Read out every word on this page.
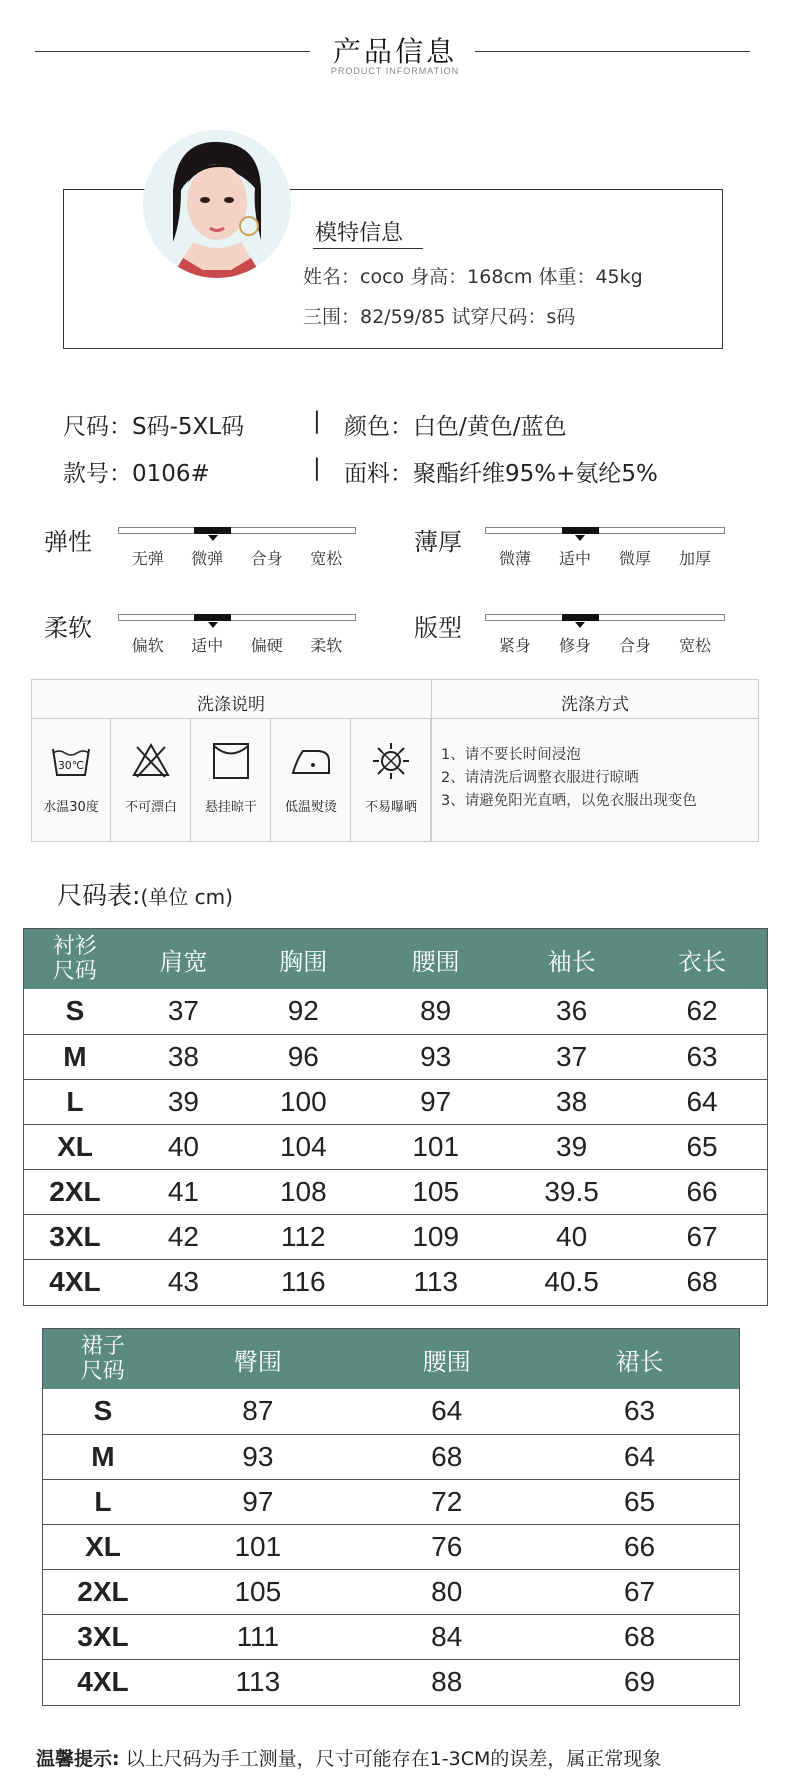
产品信息
PRODUCT INFORMATION
模特信息
姓名：coco 身高：168cm 体重：45kg
三围：82/59/85 试穿尺码：s码
尺码：S码-5XL码	| 颜色：白色/黄色/蓝色
款号：0106#	| 面料：聚酯纤维95%+氨纶5%
弹性
无弹	微弹	合身	宽松
薄厚
微薄	适中	微厚	加厚
柔软
偏软	适中	偏硬	柔软
版型
紧身	修身	合身	宽松
洗涤说明	洗涤方式
30℃
水温30度	不可漂白	悬挂晾干	低温熨烫	不易曝晒
1、请不要长时间浸泡
2、请清洗后调整衣服进行晾晒
3、请避免阳光直晒，以免衣服出现变色
尺码表:(单位 cm)
衬衫
尺码	肩宽	胸围	腰围	袖长	衣长
S	37	92	89	36	62
M	38	96	93	37	63
L	39	100	97	38	64
XL	40	104	101	39	65
2XL	41	108	105	39.5	66
3XL	42	112	109	40	67
4XL	43	116	113	40.5	68
裙子
尺码	臀围	腰围	裙长
S	87	64	63
M	93	68	64
L	97	72	65
XL	101	76	66
2XL	105	80	67
3XL	111	84	68
4XL	113	88	69
温馨提示: 以上尺码为手工测量，尺寸可能存在1-3CM的误差，属正常现象
